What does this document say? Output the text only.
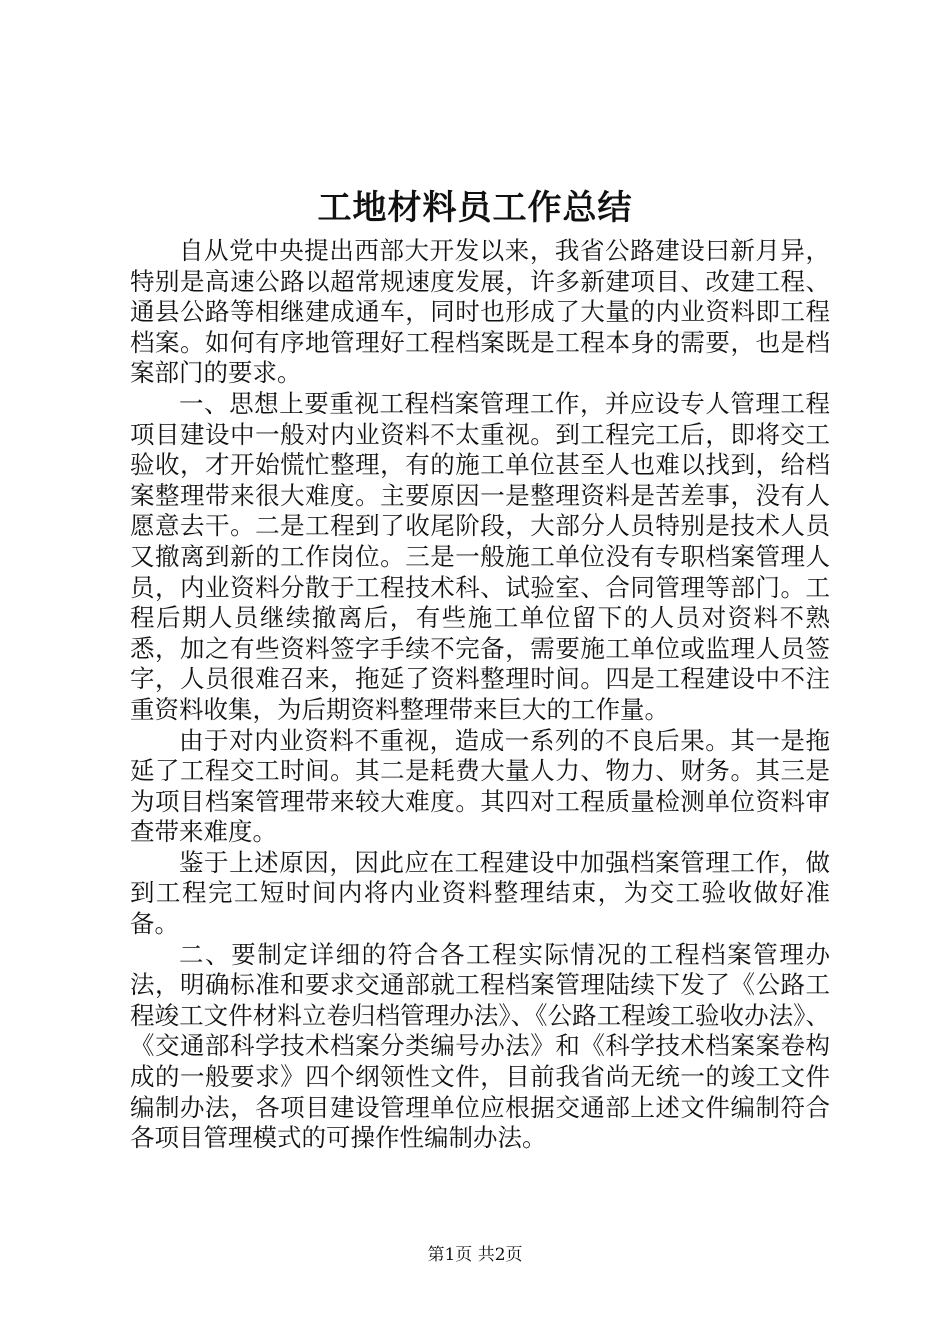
工地材料员工作总结

自从党中央提出西部大开发以来，我省公路建设曰新月异，特别是高速公路以超常规速度发展，许多新建项目、改建工程、通县公路等相继建成通车，同时也形成了大量的内业资料即工程档案。如何有序地管理好工程档案既是工程本身的需要，也是档案部门的要求。

一、思想上要重视工程档案管理工作，并应设专人管理工程项目建设中一般对内业资料不太重视。到工程完工后，即将交工验收，才开始慌忙整理，有的施工单位甚至人也难以找到，给档案整理带来很大难度。主要原因一是整理资料是苦差事，没有人愿意去干。二是工程到了收尾阶段，大部分人员特别是技术人员又撤离到新的工作岗位。三是一般施工单位没有专职档案管理人员，内业资料分散于工程技术科、试验室、合同管理等部门。工程后期人员继续撤离后，有些施工单位留下的人员对资料不熟悉，加之有些资料签字手续不完备，需要施工单位或监理人员签字，人员很难召来，拖延了资料整理时间。四是工程建设中不注重资料收集，为后期资料整理带来巨大的工作量。

由于对内业资料不重视，造成一系列的不良后果。其一是拖延了工程交工时间。其二是耗费大量人力、物力、财务。其三是为项目档案管理带来较大难度。其四对工程质量检测单位资料审查带来难度。

鉴于上述原因，因此应在工程建设中加强档案管理工作，做到工程完工短时间内将内业资料整理结束，为交工验收做好准备。

二、要制定详细的符合各工程实际情况的工程档案管理办法，明确标准和要求交通部就工程档案管理陆续下发了《公路工程竣工文件材料立卷归档管理办法》、《公路工程竣工验收办法》、《交通部科学技术档案分类编号办法》和《科学技术档案案卷构成的一般要求》四个纲领性文件，目前我省尚无统一的竣工文件编制办法，各项目建设管理单位应根据交通部上述文件编制符合各项目管理模式的可操作性编制办法。

第1页 共2页
